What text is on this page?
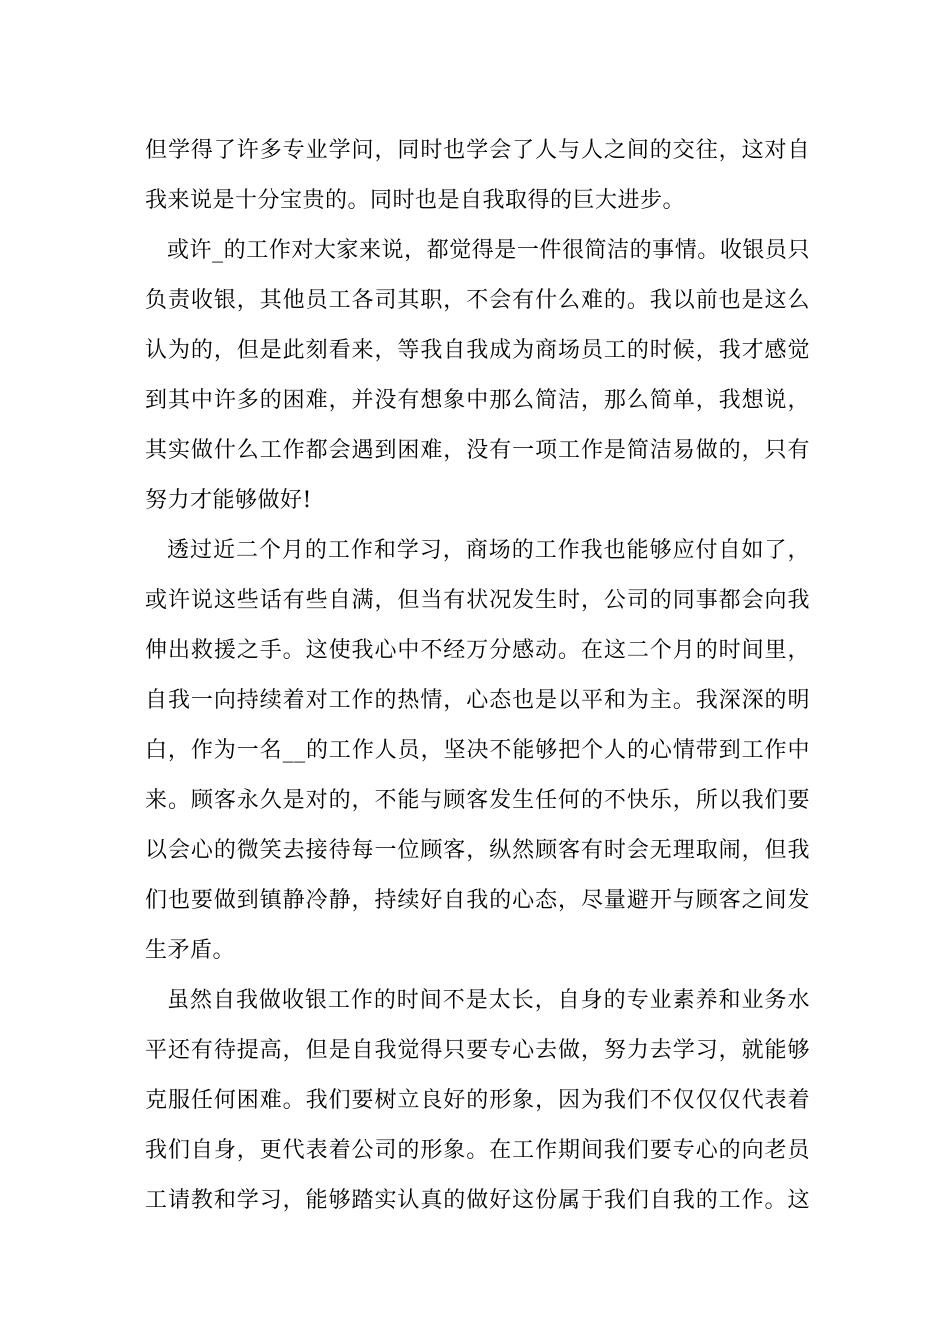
但学得了许多专业学问，同时也学会了人与人之间的交往，这对自
我来说是十分宝贵的。同时也是自我取得的巨大进步。
或许_的工作对大家来说，都觉得是一件很简洁的事情。收银员只
负责收银，其他员工各司其职，不会有什么难的。我以前也是这么
认为的，但是此刻看来，等我自我成为商场员工的时候，我才感觉
到其中许多的困难，并没有想象中那么简洁，那么简单，我想说，
其实做什么工作都会遇到困难，没有一项工作是简洁易做的，只有
努力才能够做好!
透过近二个月的工作和学习，商场的工作我也能够应付自如了，
或许说这些话有些自满，但当有状况发生时，公司的同事都会向我
伸出救援之手。这使我心中不经万分感动。在这二个月的时间里，
自我一向持续着对工作的热情，心态也是以平和为主。我深深的明
白，作为一名__的工作人员，坚决不能够把个人的心情带到工作中
来。顾客永久是对的，不能与顾客发生任何的不快乐，所以我们要
以会心的微笑去接待每一位顾客，纵然顾客有时会无理取闹，但我
们也要做到镇静冷静，持续好自我的心态，尽量避开与顾客之间发
生矛盾。
虽然自我做收银工作的时间不是太长，自身的专业素养和业务水
平还有待提高，但是自我觉得只要专心去做，努力去学习，就能够
克服任何困难。我们要树立良好的形象，因为我们不仅仅仅代表着
我们自身，更代表着公司的形象。在工作期间我们要专心的向老员
工请教和学习，能够踏实认真的做好这份属于我们自我的工作。这
